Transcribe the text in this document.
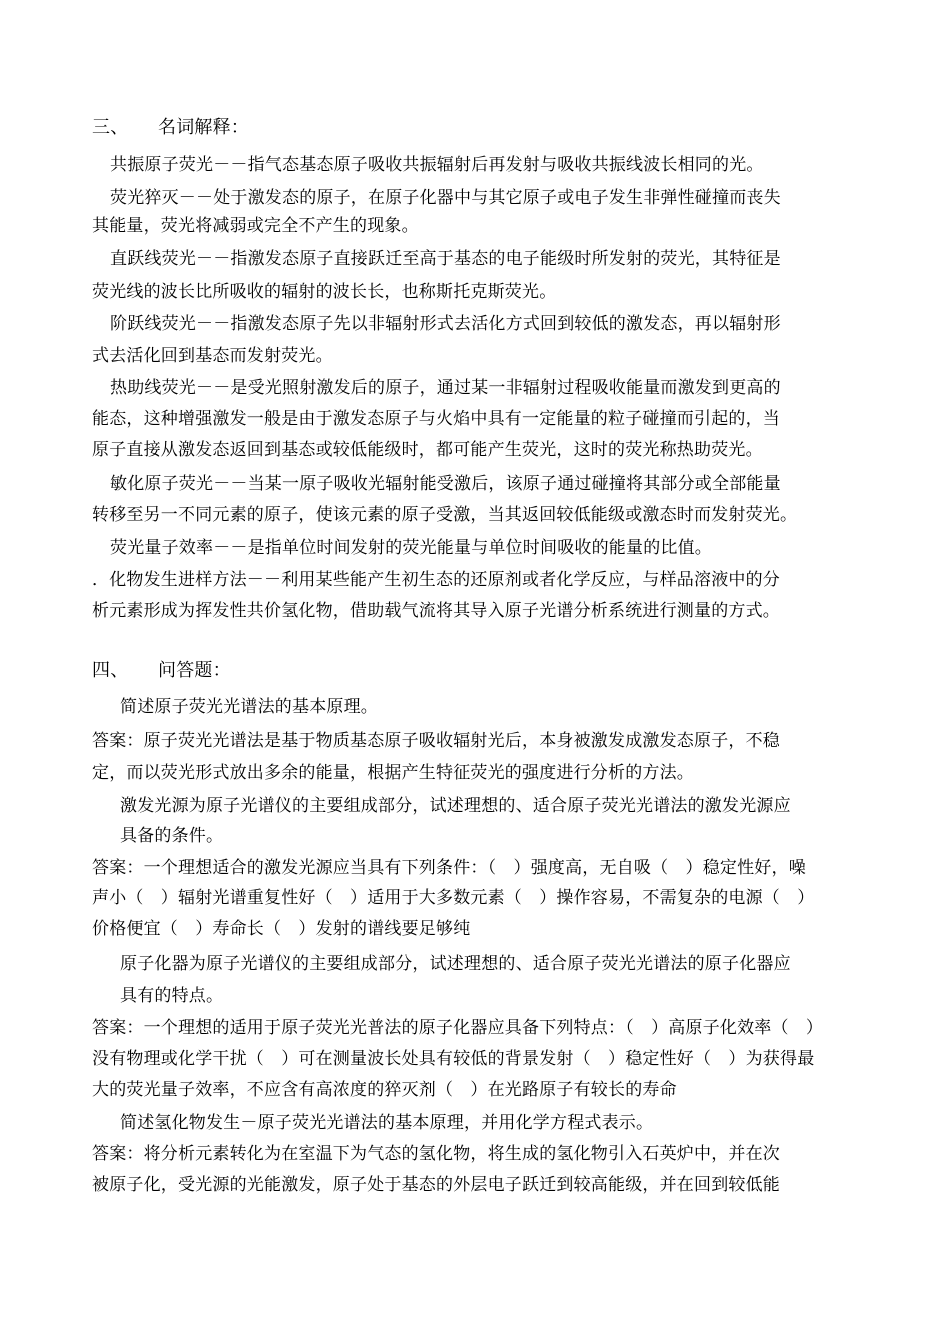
三、 名词解释：
共振原子荧光－－指气态基态原子吸收共振辐射后再发射与吸收共振线波长相同的光。
荧光猝灭－－处于激发态的原子，在原子化器中与其它原子或电子发生非弹性碰撞而丧失
其能量，荧光将减弱或完全不产生的现象。
直跃线荧光－－指激发态原子直接跃迁至高于基态的电子能级时所发射的荧光，其特征是
荧光线的波长比所吸收的辐射的波长长，也称斯托克斯荧光。
阶跃线荧光－－指激发态原子先以非辐射形式去活化方式回到较低的激发态，再以辐射形
式去活化回到基态而发射荧光。
热助线荧光－－是受光照射激发后的原子，通过某一非辐射过程吸收能量而激发到更高的
能态，这种增强激发一般是由于激发态原子与火焰中具有一定能量的粒子碰撞而引起的，当
原子直接从激发态返回到基态或较低能级时，都可能产生荧光，这时的荧光称热助荧光。
敏化原子荧光－－当某一原子吸收光辐射能受激后，该原子通过碰撞将其部分或全部能量
转移至另一不同元素的原子，使该元素的原子受激，当其返回较低能级或激态时而发射荧光。
荧光量子效率－－是指单位时间发射的荧光能量与单位时间吸收的能量的比值。
．化物发生进样方法－－利用某些能产生初生态的还原剂或者化学反应，与样品溶液中的分
析元素形成为挥发性共价氢化物，借助载气流将其导入原子光谱分析系统进行测量的方式。
四、 问答题：
简述原子荧光光谱法的基本原理。
答案：原子荧光光谱法是基于物质基态原子吸收辐射光后，本身被激发成激发态原子，不稳
定，而以荧光形式放出多余的能量，根据产生特征荧光的强度进行分析的方法。
激发光源为原子光谱仪的主要组成部分，试述理想的、适合原子荧光光谱法的激发光源应
具备的条件。
答案：一个理想适合的激发光源应当具有下列条件：（　）强度高，无自吸（　）稳定性好，噪
声小（　）辐射光谱重复性好（　）适用于大多数元素（　）操作容易，不需复杂的电源（　）
价格便宜（　）寿命长（　）发射的谱线要足够纯
原子化器为原子光谱仪的主要组成部分，试述理想的、适合原子荧光光谱法的原子化器应
具有的特点。
答案：一个理想的适用于原子荧光光普法的原子化器应具备下列特点：（　）高原子化效率（　）
没有物理或化学干扰（　）可在测量波长处具有较低的背景发射（　）稳定性好（　）为获得最
大的荧光量子效率，不应含有高浓度的猝灭剂（　）在光路原子有较长的寿命
简述氢化物发生－原子荧光光谱法的基本原理，并用化学方程式表示。
答案：将分析元素转化为在室温下为气态的氢化物，将生成的氢化物引入石英炉中，并在次
被原子化，受光源的光能激发，原子处于基态的外层电子跃迁到较高能级，并在回到较低能
